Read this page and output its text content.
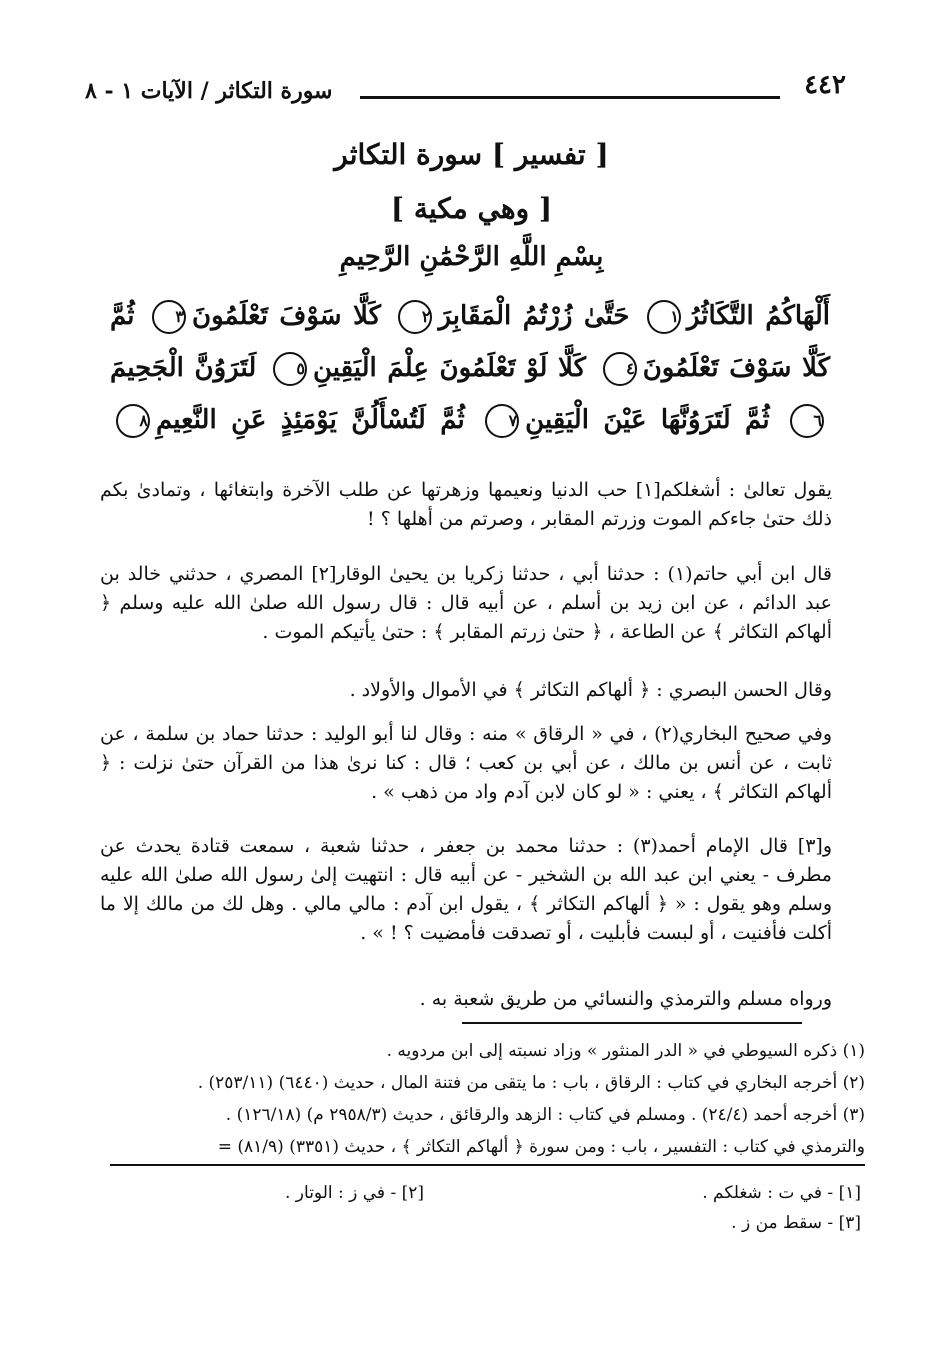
٤٤٢
سورة التكاثر / الآيات ١ - ٨
[ تفسير ] سورة التكاثر
[ وهي مكية ]
بِسْمِ اللَّهِ الرَّحْمَٰنِ الرَّحِيمِ
أَلْهَاكُمُ التَّكَاثُرُ١ حَتَّىٰ زُرْتُمُ الْمَقَابِرَ٢ كَلَّا سَوْفَ تَعْلَمُونَ٣ ثُمَّ كَلَّا سَوْفَ تَعْلَمُونَ٤ كَلَّا لَوْ تَعْلَمُونَ عِلْمَ الْيَقِينِ٥ لَتَرَوُنَّ الْجَحِيمَ٦ ثُمَّ لَتَرَوُنَّهَا عَيْنَ الْيَقِينِ٧ ثُمَّ لَتُسْأَلُنَّ يَوْمَئِذٍ عَنِ النَّعِيمِ٨
يقول تعالىٰ : أشغلكم[١] حب الدنيا ونعيمها وزهرتها عن طلب الآخرة وابتغائها ، وتمادىٰ بكم ذلك حتىٰ جاءكم الموت وزرتم المقابر ، وصرتم من أهلها ؟ !
قال ابن أبي حاتم(١) : حدثنا أبي ، حدثنا زكريا بن يحيىٰ الوقار[٢] المصري ، حدثني خالد بن عبد الدائم ، عن ابن زيد بن أسلم ، عن أبيه قال : قال رسول الله صلىٰ الله عليه وسلم ﴿ ألهاكم التكاثر ﴾ عن الطاعة ، ﴿ حتىٰ زرتم المقابر ﴾ : حتىٰ يأتيكم الموت .
وقال الحسن البصري : ﴿ ألهاكم التكاثر ﴾ في الأموال والأولاد .
وفي صحيح البخاري(٢) ، في « الرقاق » منه : وقال لنا أبو الوليد : حدثنا حماد بن سلمة ، عن ثابت ، عن أنس بن مالك ، عن أبي بن كعب ؛ قال : كنا نرىٰ هذا من القرآن حتىٰ نزلت : ﴿ ألهاكم التكاثر ﴾ ، يعني : « لو كان لابن آدم واد من ذهب » .
و[٣] قال الإمام أحمد(٣) : حدثنا محمد بن جعفر ، حدثنا شعبة ، سمعت قتادة يحدث عن مطرف - يعني ابن عبد الله بن الشخير - عن أبيه قال : انتهيت إلىٰ رسول الله صلىٰ الله عليه وسلم وهو يقول : « ﴿ ألهاكم التكاثر ﴾ ، يقول ابن آدم : مالي مالي . وهل لك من مالك إلا ما أكلت فأفنيت ، أو لبست فأبليت ، أو تصدقت فأمضيت ؟ ! » .
ورواه مسلم والترمذي والنسائي من طريق شعبة به .
(١) ذكره السيوطي في « الدر المنثور » وزاد نسبته إلى ابن مردويه .
(٢) أخرجه البخاري في كتاب : الرقاق ، باب : ما يتقى من فتنة المال ، حديث (٦٤٤٠) (٢٥٣/١١) .
(٣) أخرجه أحمد (٢٤/٤) . ومسلم في كتاب : الزهد والرقائق ، حديث (٢٩٥٨/٣ م) (١٢٦/١٨) .
والترمذي في كتاب : التفسير ، باب : ومن سورة ﴿ ألهاكم التكاثر ﴾ ، حديث (٣٣٥١) (٨١/٩) =
[١] - في ت : شغلكم .
[٢] - في ز : الوتار .
[٣] - سقط من ز .
